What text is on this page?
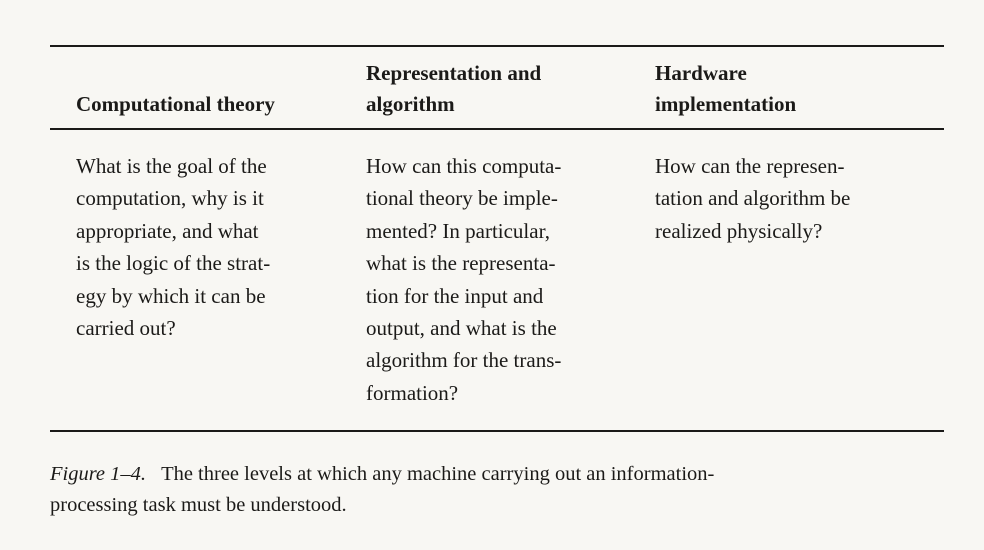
Computational theory
Representation and
algorithm
Hardware
implementation
What is the goal of the
computation, why is it
appropriate, and what
is the logic of the strat-
egy by which it can be
carried out?
How can this computa-
tional theory be imple-
mented? In particular,
what is the representa-
tion for the input and
output, and what is the
algorithm for the trans-
formation?
How can the represen-
tation and algorithm be
realized physically?
Figure 1–4. The three levels at which any machine carrying out an information-
processing task must be understood.
